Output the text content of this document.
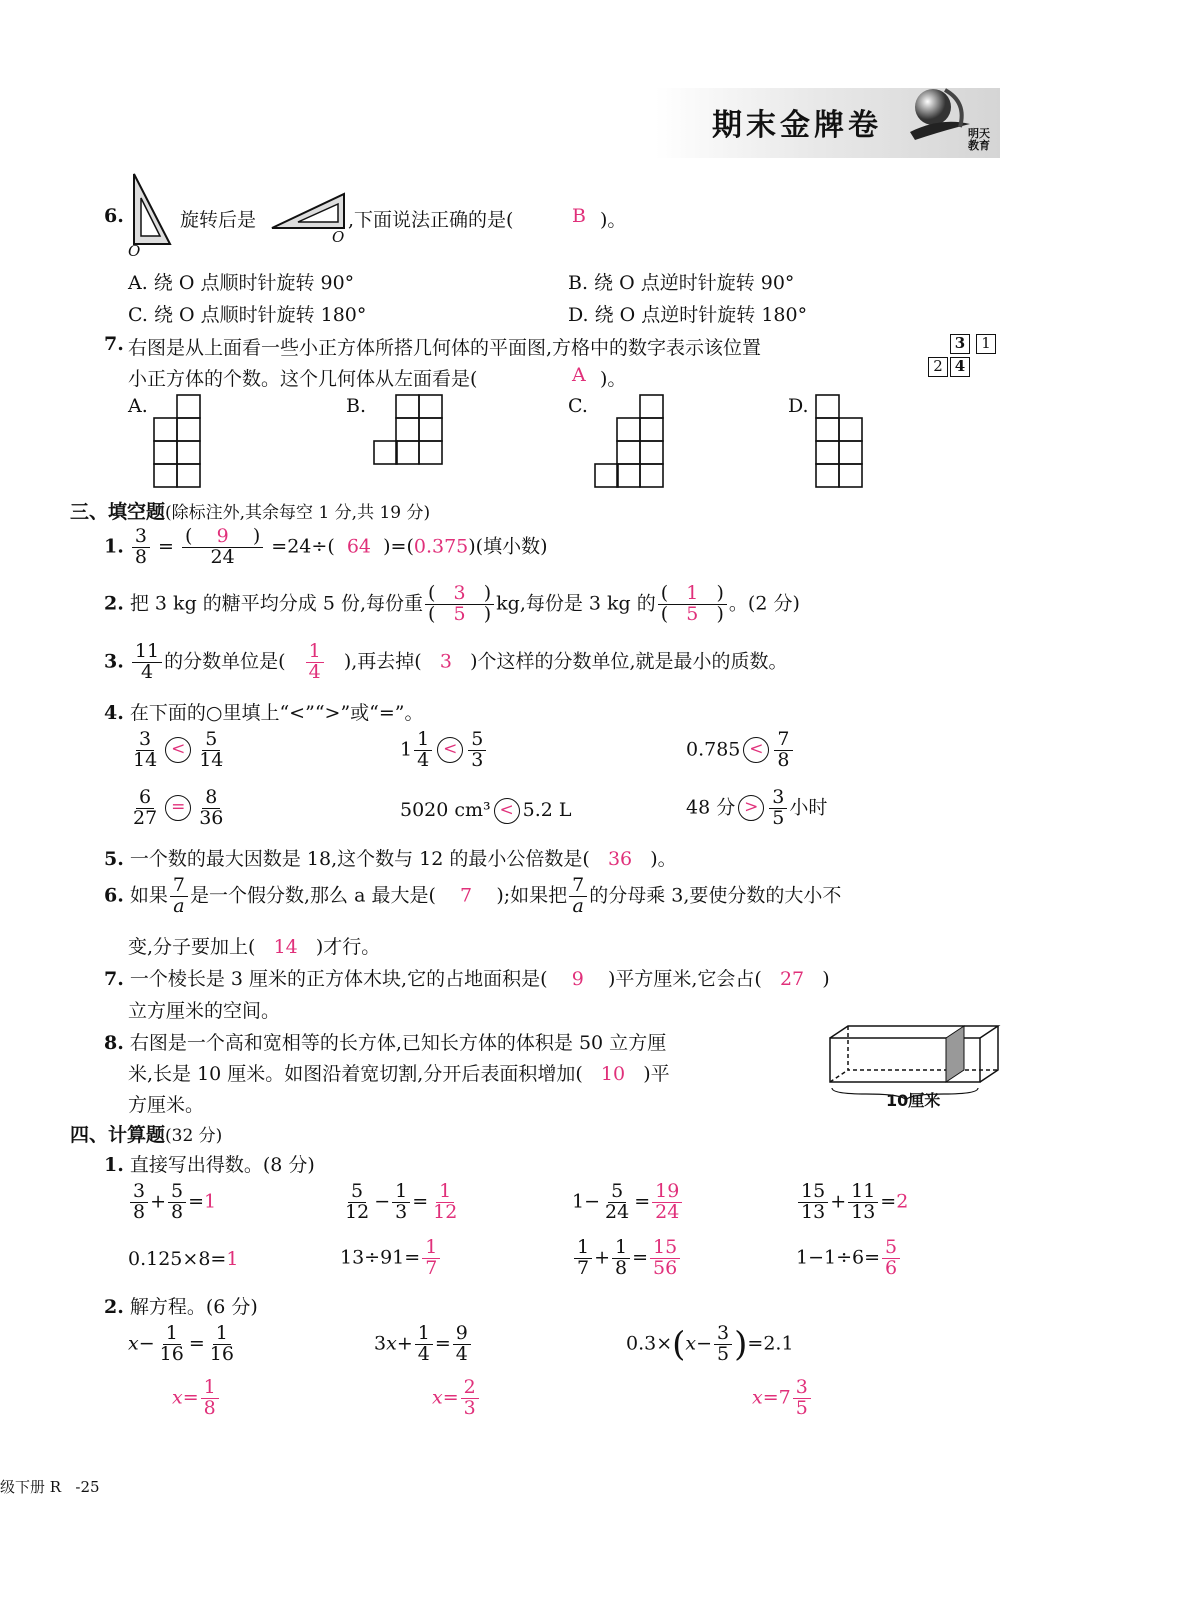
期末金牌卷	明天教育
6.
O
旋转后是
O
,下面说法正确的是(	B )。
A. 绕 O 点顺时针旋转 90°	B. 绕 O 点逆时针旋转 90°
C. 绕 O 点顺时针旋转 180°	D. 绕 O 点逆时针旋转 180°
7. 右图是从上面看一些小正方体所搭几何体的平面图,方格中的数字表示该位置
小正方体的个数。这个几何体从左面看是(	A )。
3	1
2 4
A.	B.	C.	D.
三、填空题(除标注外,其余每空 1 分,共 19 分)
1. $\frac{3}{8} = \frac{( 9 )}{24} =24\div$( 64 )=(0.375)(填小数)
2. 把 3 kg 的糖平均分成 5 份,每份重 $\frac{( 3 )}{( 5 )}$ kg,每份是 3 kg 的 $\frac{( 1 )}{( 5 )}$ 。(2 分)
3. $\frac{11}{4}$ 的分数单位是( $\frac{1}{4}$ ),再去掉( 3 )个这样的分数单位,就是最小的质数。
4. 在下面的○里填上“<”“>”或“=”。
$\frac{3}{14} < \frac{5}{14}$	$1 \frac{1}{4} < \frac{5}{3}$	$0.785 < \frac{7}{8}$
$\frac{6}{27} = \frac{8}{36}$	5020 cm³ < 5.2 L	48 分 > $\frac{3}{5}$ 小时
5. 一个数的最大因数是 18,这个数与 12 的最小公倍数是( 36 )。
6. 如果 $\frac{7}{a}$ 是一个假分数,那么 a 最大是( 7 );如果把 $\frac{7}{a}$ 的分母乘 3,要使分数的大小不
变,分子要加上( 14 )才行。
7. 一个棱长是 3 厘米的正方体木块,它的占地面积是( 9 )平方厘米,它会占( 27 )
立方厘米的空间。
8. 右图是一个高和宽相等的长方体,已知长方体的体积是 50 立方厘
米,长是 10 厘米。如图沿着宽切割,分开后表面积增加( 10 )平
方厘米。	10厘米
四、计算题(32 分)
1. 直接写出得数。(8 分)
$\frac{3}{8} + \frac{5}{8} =1$	$\frac{5}{12} - \frac{1}{3} = \frac{1}{12}$	$1- \frac{5}{24} = \frac{19}{24}$	$\frac{15}{13} + \frac{11}{13} =2$
0.125×8=1	$13\div 91= \frac{1}{7}$	$\frac{1}{7} + \frac{1}{8} = \frac{15}{56}$	$1-1\div 6= \frac{5}{6}$
2. 解方程。(6 分)
$x- \frac{1}{16} = \frac{1}{16}$
$x= \frac{1}{8}$
$3x+ \frac{1}{4} = \frac{9}{4}$
$x= \frac{2}{3}$
$0.3\times(x- \frac{3}{5} )=2.1$
$x=7 \frac{3}{5}$
级下册 R -25
